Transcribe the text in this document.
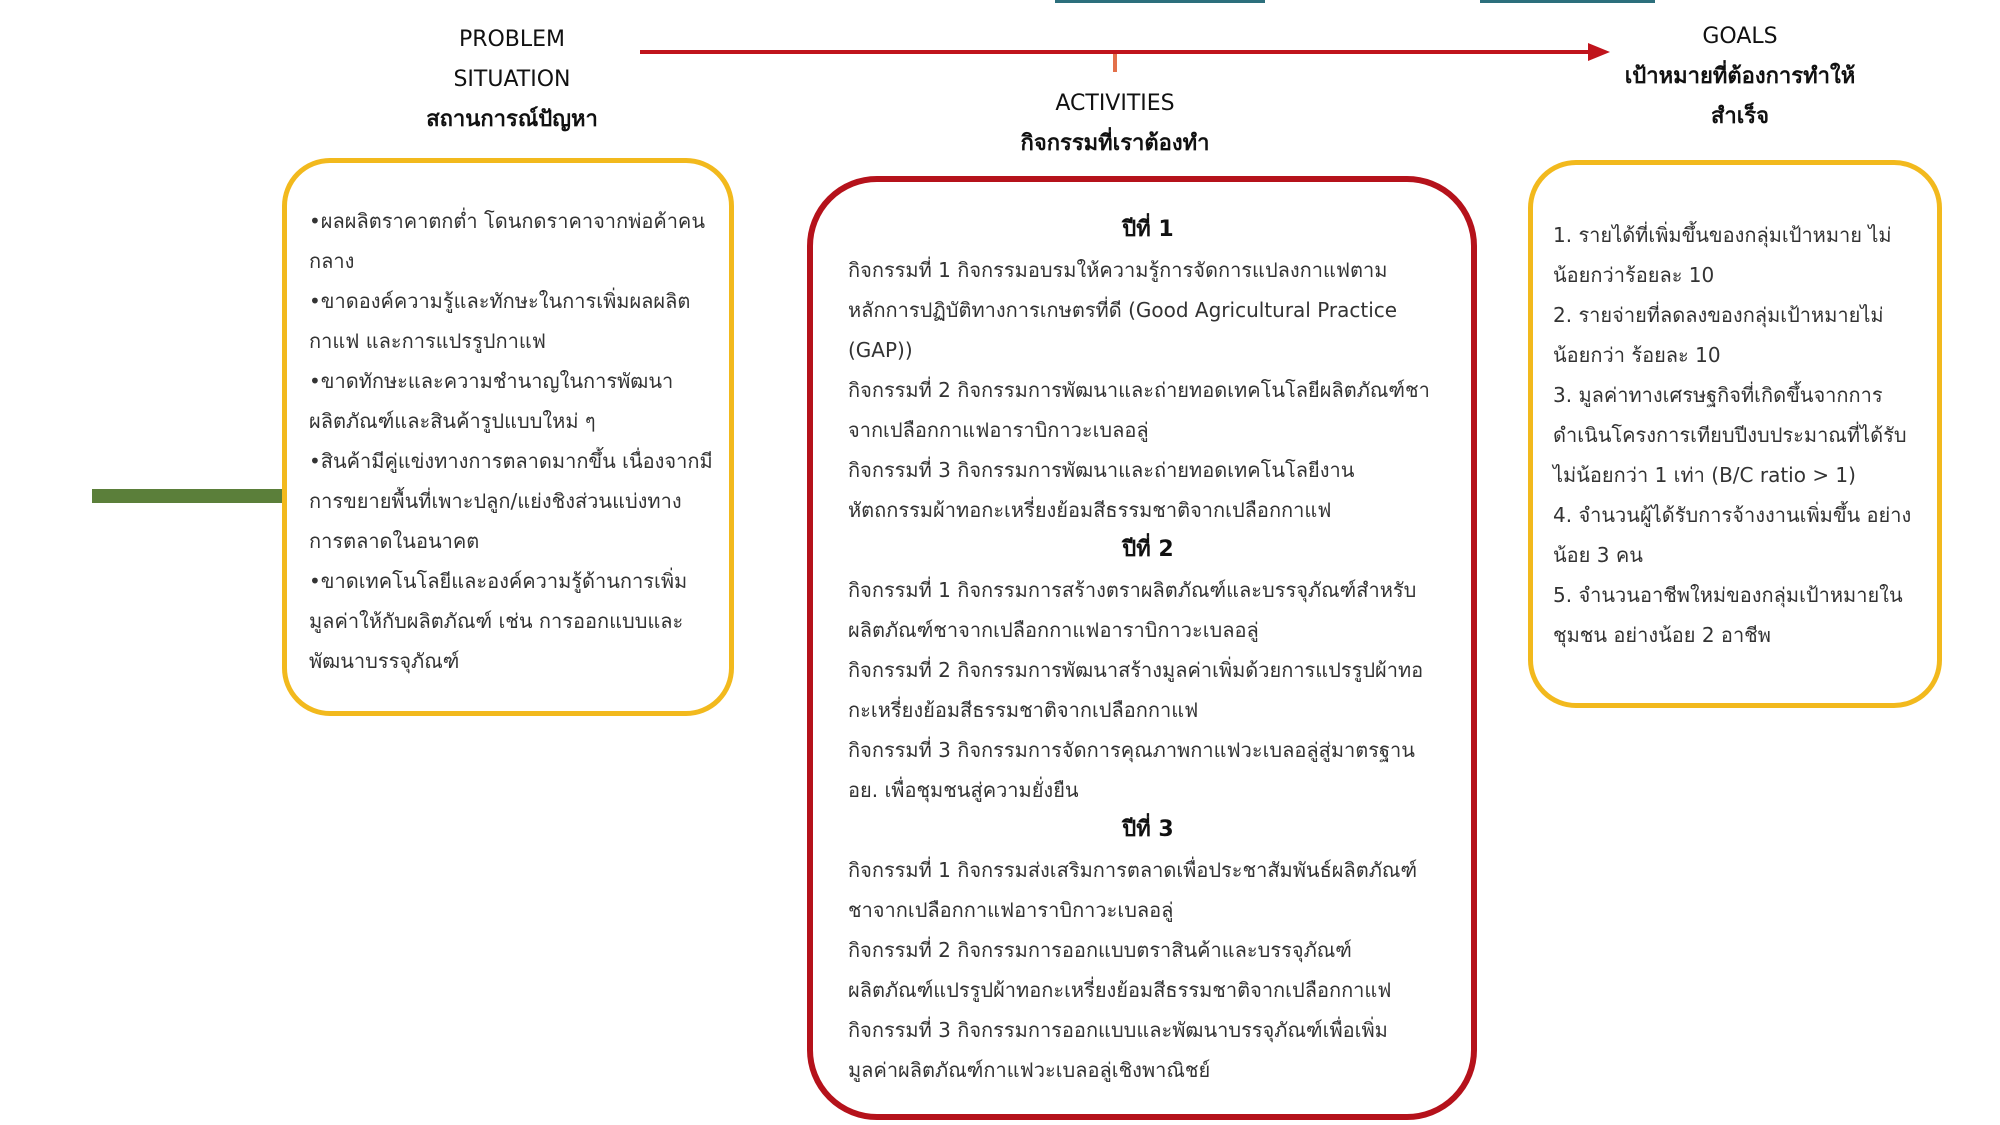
PROBLEM
SITUATION
สถานการณ์ปัญหา
ACTIVITIES
กิจกรรมที่เราต้องทำ
GOALS
เป้าหมายที่ต้องการทำให้
สำเร็จ
•ผลผลิตราคาตกต่ำ โดนกดราคาจากพ่อค้าคน
กลาง
•ขาดองค์ความรู้และทักษะในการเพิ่มผลผลิต
กาแฟ และการแปรรูปกาแฟ
•ขาดทักษะและความชำนาญในการพัฒนา
ผลิตภัณฑ์และสินค้ารูปแบบใหม่ ๆ
•สินค้ามีคู่แข่งทางการตลาดมากขึ้น เนื่องจากมี
การขยายพื้นที่เพาะปลูก/แย่งชิงส่วนแบ่งทาง
การตลาดในอนาคต
•ขาดเทคโนโลยีและองค์ความรู้ด้านการเพิ่ม
มูลค่าให้กับผลิตภัณฑ์ เช่น การออกแบบและ
พัฒนาบรรจุภัณฑ์
ปีที่ 1
กิจกรรมที่ 1 กิจกรรมอบรมให้ความรู้การจัดการแปลงกาแฟตาม
หลักการปฏิบัติทางการเกษตรที่ดี (Good Agricultural Practice
(GAP))
กิจกรรมที่ 2 กิจกรรมการพัฒนาและถ่ายทอดเทคโนโลยีผลิตภัณฑ์ชา
จากเปลือกกาแฟอาราบิกาวะเบลอลู่
กิจกรรมที่ 3 กิจกรรมการพัฒนาและถ่ายทอดเทคโนโลยีงาน
หัตถกรรมผ้าทอกะเหรี่ยงย้อมสีธรรมชาติจากเปลือกกาแฟ
ปีที่ 2
กิจกรรมที่ 1 กิจกรรมการสร้างตราผลิตภัณฑ์และบรรจุภัณฑ์สำหรับ
ผลิตภัณฑ์ชาจากเปลือกกาแฟอาราบิกาวะเบลอลู่
กิจกรรมที่ 2 กิจกรรมการพัฒนาสร้างมูลค่าเพิ่มด้วยการแปรรูปผ้าทอ
กะเหรี่ยงย้อมสีธรรมชาติจากเปลือกกาแฟ
กิจกรรมที่ 3 กิจกรรมการจัดการคุณภาพกาแฟวะเบลอลู่สู่มาตรฐาน
อย. เพื่อชุมชนสู่ความยั่งยืน
ปีที่ 3
กิจกรรมที่ 1 กิจกรรมส่งเสริมการตลาดเพื่อประชาสัมพันธ์ผลิตภัณฑ์
ชาจากเปลือกกาแฟอาราบิกาวะเบลอลู่
กิจกรรมที่ 2 กิจกรรมการออกแบบตราสินค้าและบรรจุภัณฑ์
ผลิตภัณฑ์แปรรูปผ้าทอกะเหรี่ยงย้อมสีธรรมชาติจากเปลือกกาแฟ
กิจกรรมที่ 3 กิจกรรมการออกแบบและพัฒนาบรรจุภัณฑ์เพื่อเพิ่ม
มูลค่าผลิตภัณฑ์กาแฟวะเบลอลู่เชิงพาณิชย์
1. รายได้ที่เพิ่มขึ้นของกลุ่มเป้าหมาย ไม่
น้อยกว่าร้อยละ 10
2. รายจ่ายที่ลดลงของกลุ่มเป้าหมายไม่
น้อยกว่า ร้อยละ 10
3. มูลค่าทางเศรษฐกิจที่เกิดขึ้นจากการ
ดำเนินโครงการเทียบปีงบประมาณที่ได้รับ
ไม่น้อยกว่า 1 เท่า (B/C ratio > 1)
4. จำนวนผู้ได้รับการจ้างงานเพิ่มขึ้น อย่าง
น้อย 3 คน
5. จำนวนอาชีพใหม่ของกลุ่มเป้าหมายใน
ชุมชน อย่างน้อย 2 อาชีพ
